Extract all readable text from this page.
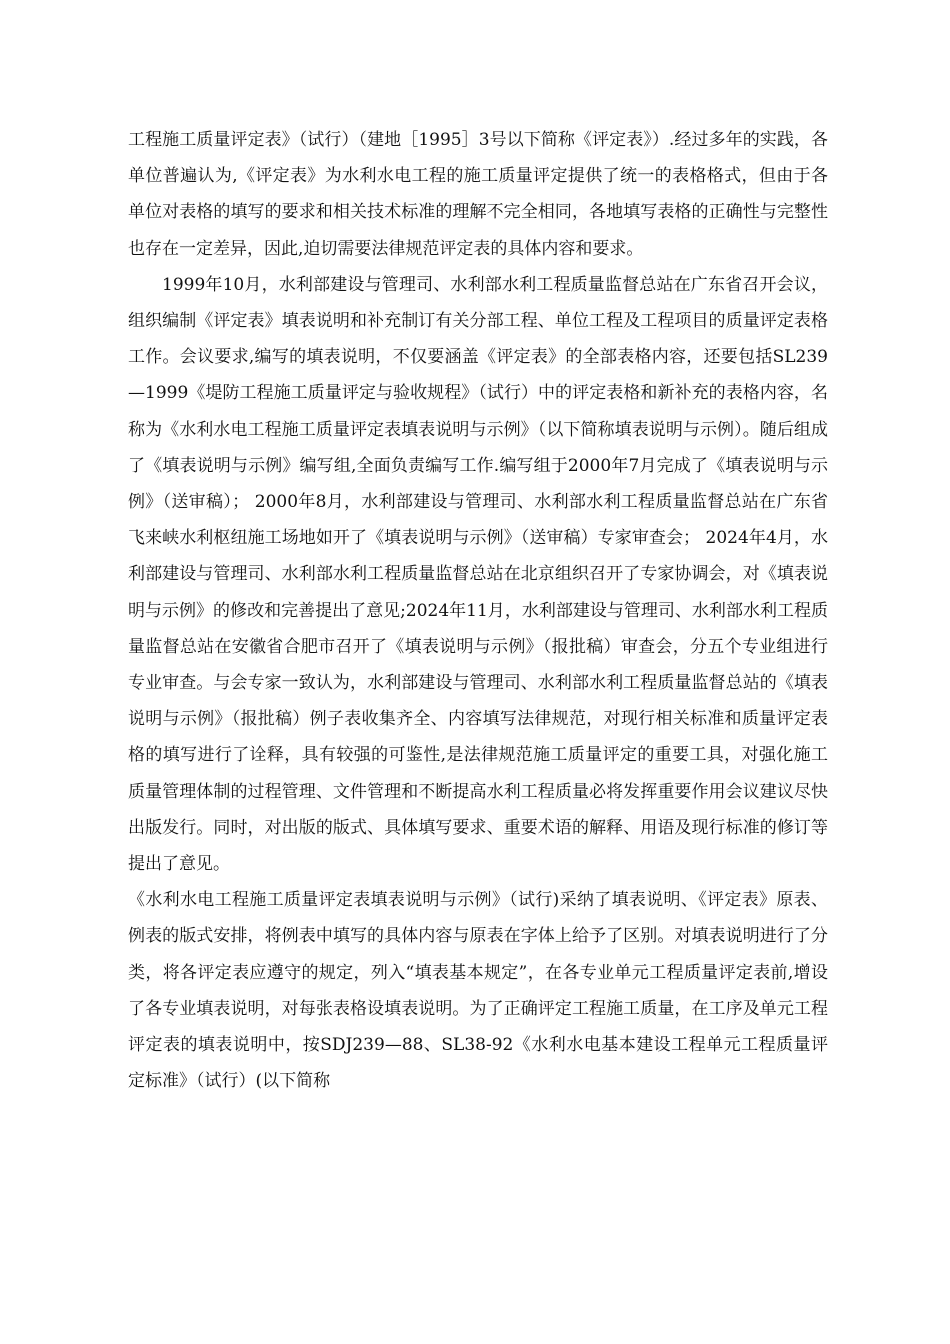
工程施工质量评定表》（试行）（建地［1995］3号以下简称《评定表》）.经过多年的实践，各单位普遍认为,《评定表》为水利水电工程的施工质量评定提供了统一的表格格式，但由于各单位对表格的填写的要求和相关技术标准的理解不完全相同，各地填写表格的正确性与完整性也存在一定差异，因此,迫切需要法律规范评定表的具体内容和要求。

1999年10月，水利部建设与管理司、水利部水利工程质量监督总站在广东省召开会议，组织编制《评定表》填表说明和补充制订有关分部工程、单位工程及工程项目的质量评定表格工作。会议要求,编写的填表说明，不仅要涵盖《评定表》的全部表格内容，还要包括SL239—1999《堤防工程施工质量评定与验收规程》（试行）中的评定表格和新补充的表格内容，名称为《水利水电工程施工质量评定表填表说明与示例》（以下简称填表说明与示例）。随后组成了《填表说明与示例》编写组,全面负责编写工作.编写组于2000年7月完成了《填表说明与示例》（送审稿）； 2000年8月，水利部建设与管理司、水利部水利工程质量监督总站在广东省飞来峡水利枢纽施工场地如开了《填表说明与示例》（送审稿）专家审查会； 2024年4月，水利部建设与管理司、水利部水利工程质量监督总站在北京组织召开了专家协调会，对《填表说明与示例》的修改和完善提出了意见;2024年11月，水利部建设与管理司、水利部水利工程质量监督总站在安徽省合肥市召开了《填表说明与示例》（报批稿）审查会，分五个专业组进行专业审查。与会专家一致认为，水利部建设与管理司、水利部水利工程质量监督总站的《填表说明与示例》（报批稿）例子表收集齐全、内容填写法律规范，对现行相关标准和质量评定表格的填写进行了诠释，具有较强的可鉴性,是法律规范施工质量评定的重要工具，对强化施工质量管理体制的过程管理、文件管理和不断提高水利工程质量必将发挥重要作用会议建议尽快出版发行。同时，对出版的版式、具体填写要求、重要术语的解释、用语及现行标准的修订等提出了意见。

《水利水电工程施工质量评定表填表说明与示例》（试行)采纳了填表说明、《评定表》原表、例表的版式安排，将例表中填写的具体内容与原表在字体上给予了区别。对填表说明进行了分类，将各评定表应遵守的规定，列入“填表基本规定”，在各专业单元工程质量评定表前,增设了各专业填表说明，对每张表格设填表说明。为了正确评定工程施工质量，在工序及单元工程评定表的填表说明中，按SDJ239—88、SL38-92《水利水电基本建设工程单元工程质量评定标准》（试行）(以下简称
